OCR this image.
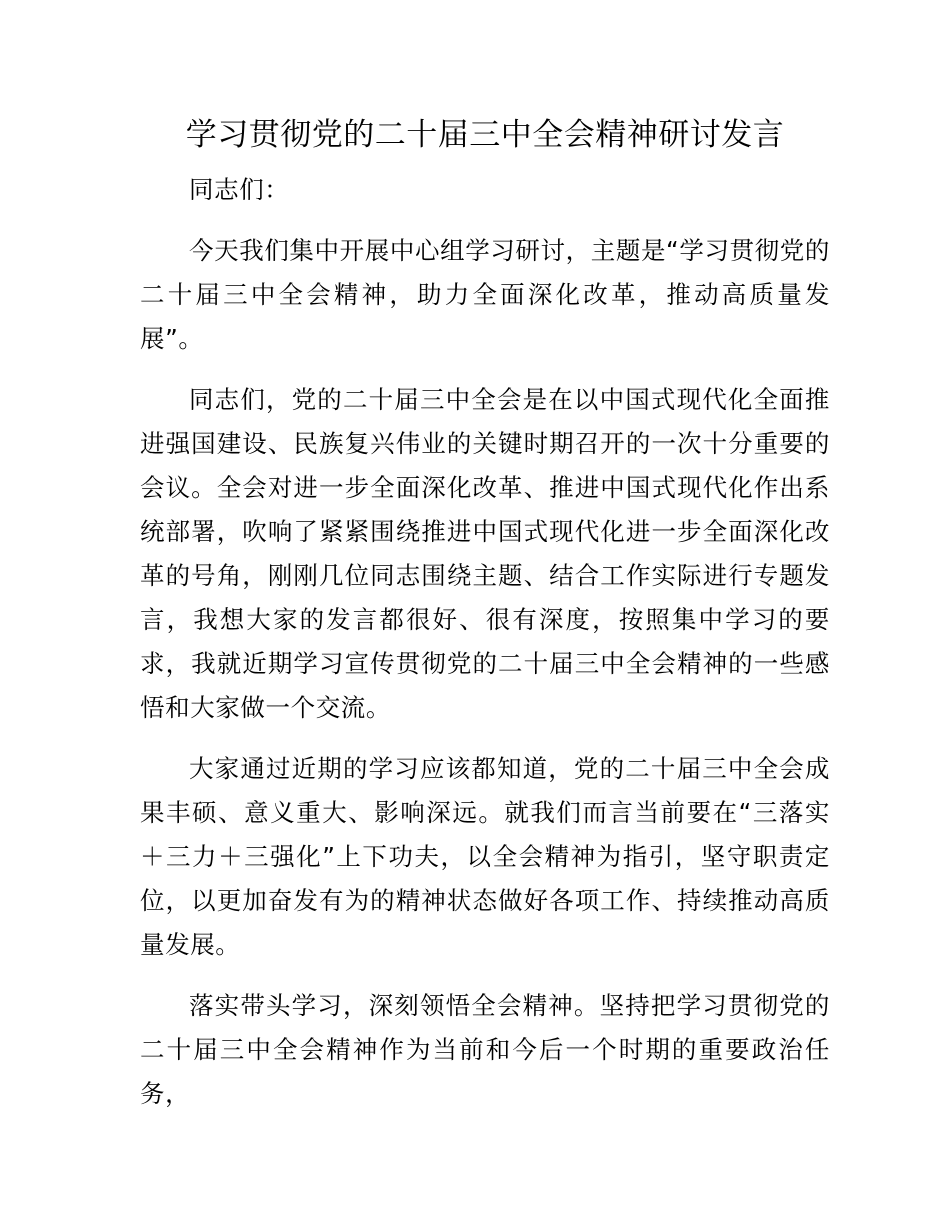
学习贯彻党的二十届三中全会精神研讨发言

同志们：

今天我们集中开展中心组学习研讨，主题是“学习贯彻党的二十届三中全会精神，助力全面深化改革，推动高质量发展”。

同志们，党的二十届三中全会是在以中国式现代化全面推进强国建设、民族复兴伟业的关键时期召开的一次十分重要的会议。全会对进一步全面深化改革、推进中国式现代化作出系统部署，吹响了紧紧围绕推进中国式现代化进一步全面深化改革的号角，刚刚几位同志围绕主题、结合工作实际进行专题发言，我想大家的发言都很好、很有深度，按照集中学习的要求，我就近期学习宣传贯彻党的二十届三中全会精神的一些感悟和大家做一个交流。

大家通过近期的学习应该都知道，党的二十届三中全会成果丰硕、意义重大、影响深远。就我们而言当前要在“三落实＋三力＋三强化”上下功夫，以全会精神为指引，坚守职责定位，以更加奋发有为的精神状态做好各项工作、持续推动高质量发展。

落实带头学习，深刻领悟全会精神。坚持把学习贯彻党的二十届三中全会精神作为当前和今后一个时期的重要政治任务，
